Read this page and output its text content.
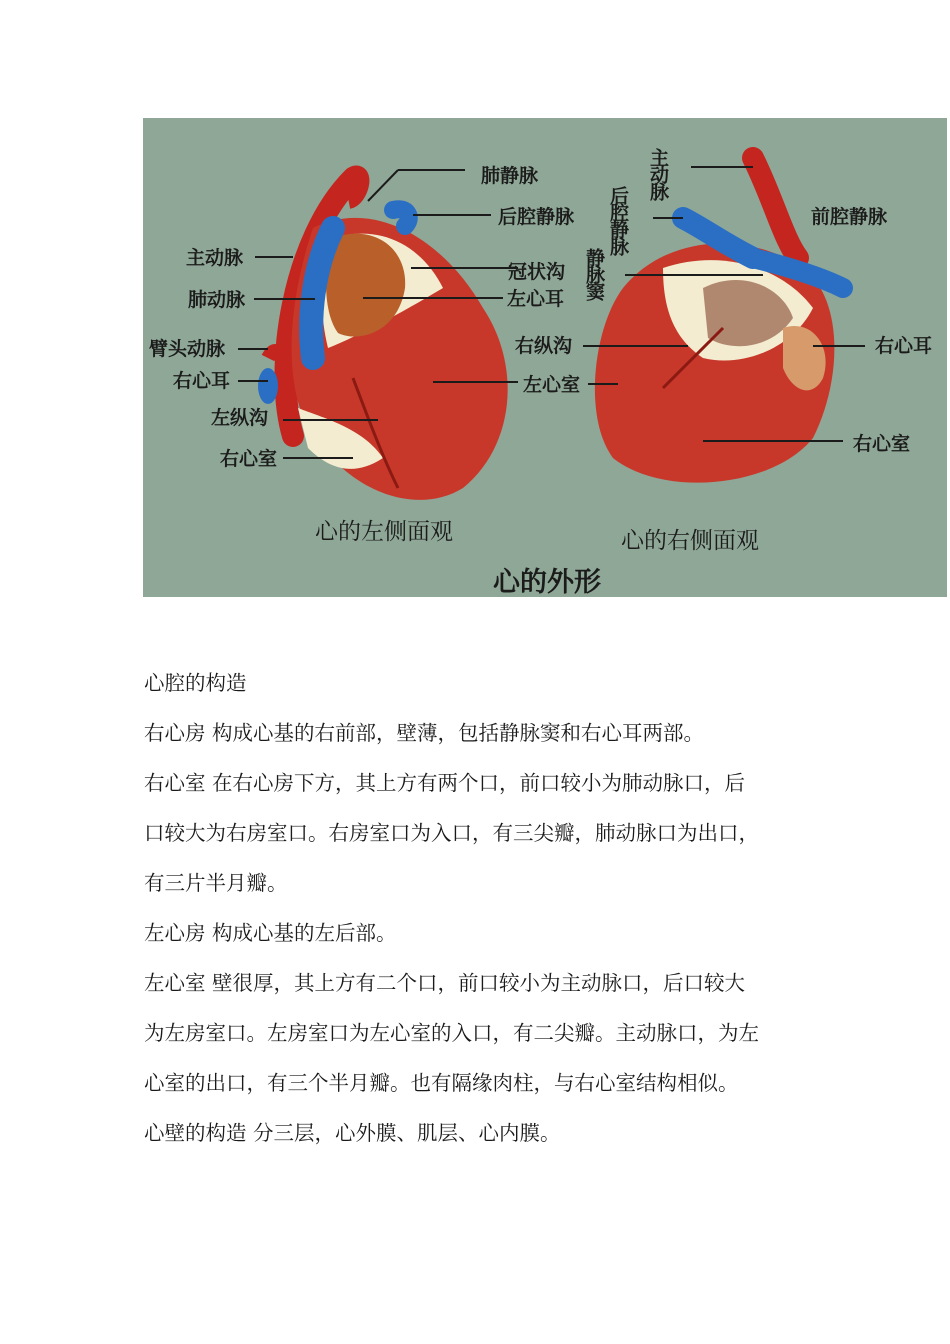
肺静脉
后腔静脉
主动脉
冠状沟
肺动脉	左心耳
臂头动脉
右心耳
左纵沟
左心室
右心室
主动脉
后腔静脉	前腔静脉
静脉窦
右纵沟	右心耳
右心室
心的左侧面观	心的右侧面观
心的外形
心腔的构造
右心房 构成心基的右前部，壁薄，包括静脉窦和右心耳两部。
右心室 在右心房下方，其上方有两个口，前口较小为肺动脉口，后
口较大为右房室口。右房室口为入口，有三尖瓣，肺动脉口为出口，
有三片半月瓣。
左心房 构成心基的左后部。
左心室 壁很厚，其上方有二个口，前口较小为主动脉口，后口较大
为左房室口。左房室口为左心室的入口，有二尖瓣。主动脉口，为左
心室的出口，有三个半月瓣。也有隔缘肉柱，与右心室结构相似。
心壁的构造 分三层，心外膜、肌层、心内膜。
